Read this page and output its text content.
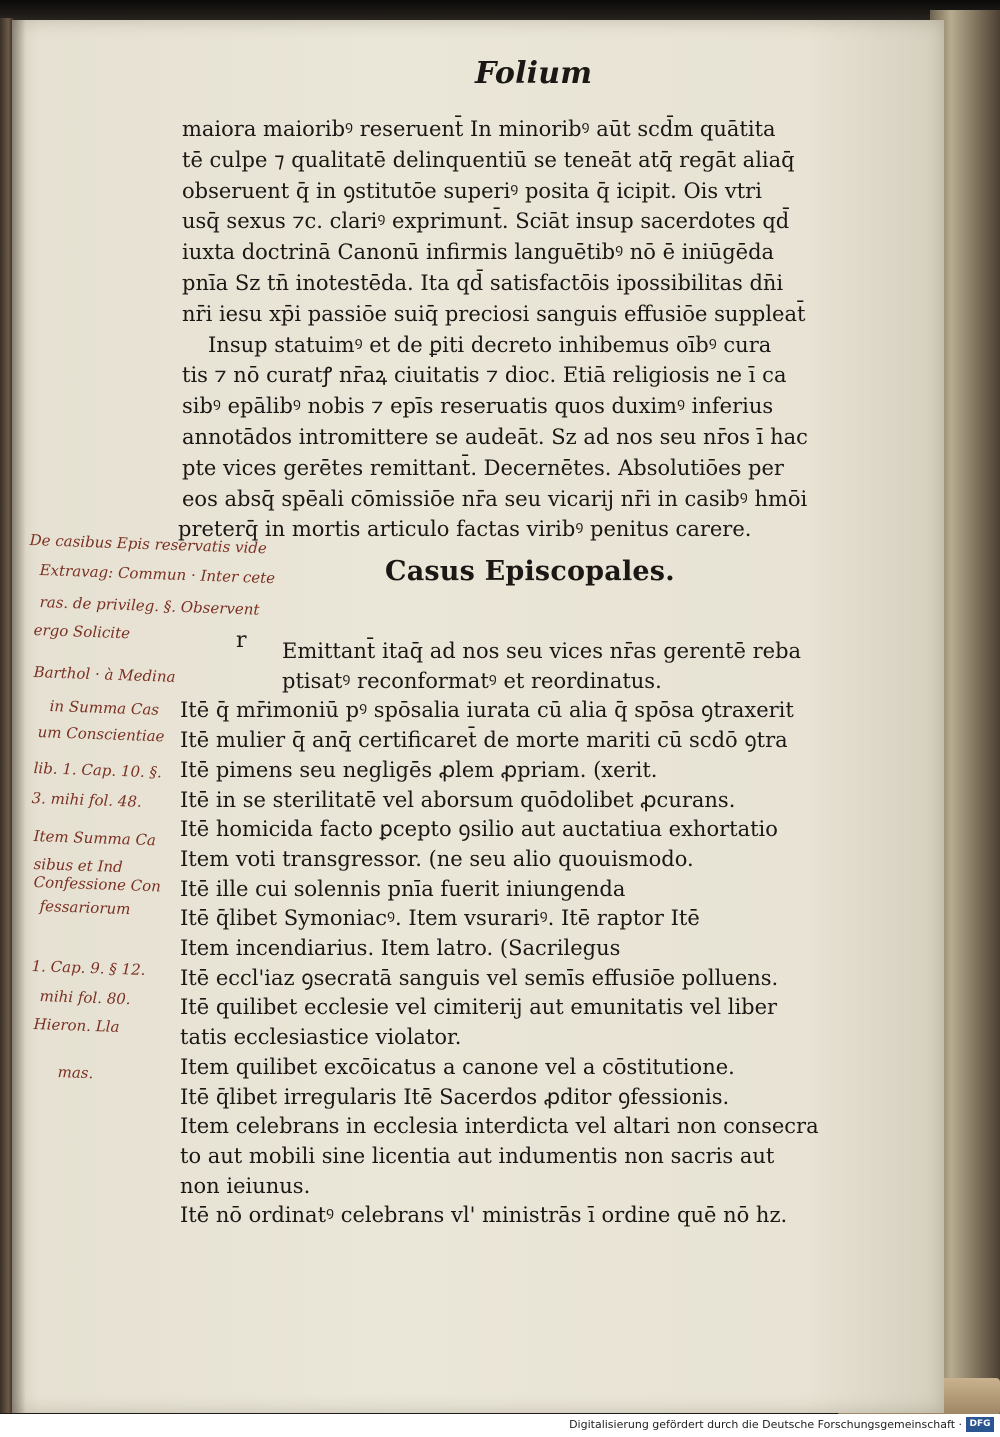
Folium
maiora maioribꝰ reseruent̄ In minoribꝰ aūt scd̄m quātita
tē culpe ⁊ qualitatē delinquentiū se teneāt atq̄ regāt aliaq̄
obseruent q̄ in ꝯstitutōe superiꝰ posita q̄ icipit. Ois vtri
usq̄ sexus ⁊c. clariꝰ exprimunt̄. Sciāt insup sacerdotes qd̄
iuxta doctrinā Canonū infirmis languētibꝰ nō ē iniūgēda
pnīa Sz tn̄ inotestēda. Ita qd̄ satisfactōis ipossibilitas dn̄i
nr̄i iesu xp̄i passiōe suiq̄ preciosi sanguis effusiōe suppleat̄
Insup statuimꝰ et de ꝑiti decreto inhibemus oībꝰ cura
tis ⁊ nō curatꝭ nr̄aꝝ ciuitatis ⁊ dioc. Etiā religiosis ne ī ca
sibꝰ epālibꝰ nobis ⁊ epīs reseruatis quos duximꝰ inferius
annotādos intromittere se audeāt. Sz ad nos seu nr̄os ī hac
pte vices gerētes remittant̄. Decernētes. Absolutiōes per
eos absq̄ spēali cōmissiōe nr̄a seu vicarij nr̄i in casibꝰ hmōi
preterq̄ in mortis articulo factas viribꝰ penitus carere.
Casus Episcopales.
r Emittant̄ itaq̄ ad nos seu vices nr̄as gerentē reba
ptisatꝰ reconformatꝰ et reordinatus.
Itē q̄ mr̄imoniū pꝰ spōsalia iurata cū alia q̄ spōsa ꝯtraxerit
Itē mulier q̄ anq̄ certificaret̄ de morte mariti cū scdō ꝯtra
Itē pimens seu negligēs ꝓlem ꝓpriam. (xerit.
Itē in se sterilitatē vel aborsum quōdolibet ꝓcurans.
Itē homicida facto ꝑcepto ꝯsilio aut auctatiua exhortatio
Item voti transgressor. (ne seu alio quouismodo.
Itē ille cui solennis pnīa fuerit iniungenda
Itē q̄libet Symoniacꝰ. Item vsurariꝰ. Itē raptor Itē
Item incendiarius. Item latro. (Sacrilegus
Itē eccl'iaz ꝯsecratā sanguis vel semīs effusiōe polluens.
Itē quilibet ecclesie vel cimiterij aut emunitatis vel liber
tatis ecclesiastice violator.
Item quilibet excōicatus a canone vel a cōstitutione.
Itē q̄libet irregularis Itē Sacerdos ꝓditor ꝯfessionis.
Item celebrans in ecclesia interdicta vel altari non consecra
to aut mobili sine licentia aut indumentis non sacris aut
non ieiunus.
Itē nō ordinatꝰ celebrans vl' ministrās ī ordine quē nō hz.
De casibus Epis reservatis vide
Extravag: Commun · Inter cete
ras. de privileg. §. Observent
ergo Solicite
Barthol · à Medina
in Summa Cas
um Conscientiae
lib. 1. Cap. 10. §.
3. mihi fol. 48.
Item Summa Ca
sibus et Ind
Confessione Con
fessariorum
1. Cap. 9. § 12.
mihi fol. 80.
Hieron. Lla
mas.
Digitalisierung gefördert durch die Deutsche Forschungsgemeinschaft · DFG
